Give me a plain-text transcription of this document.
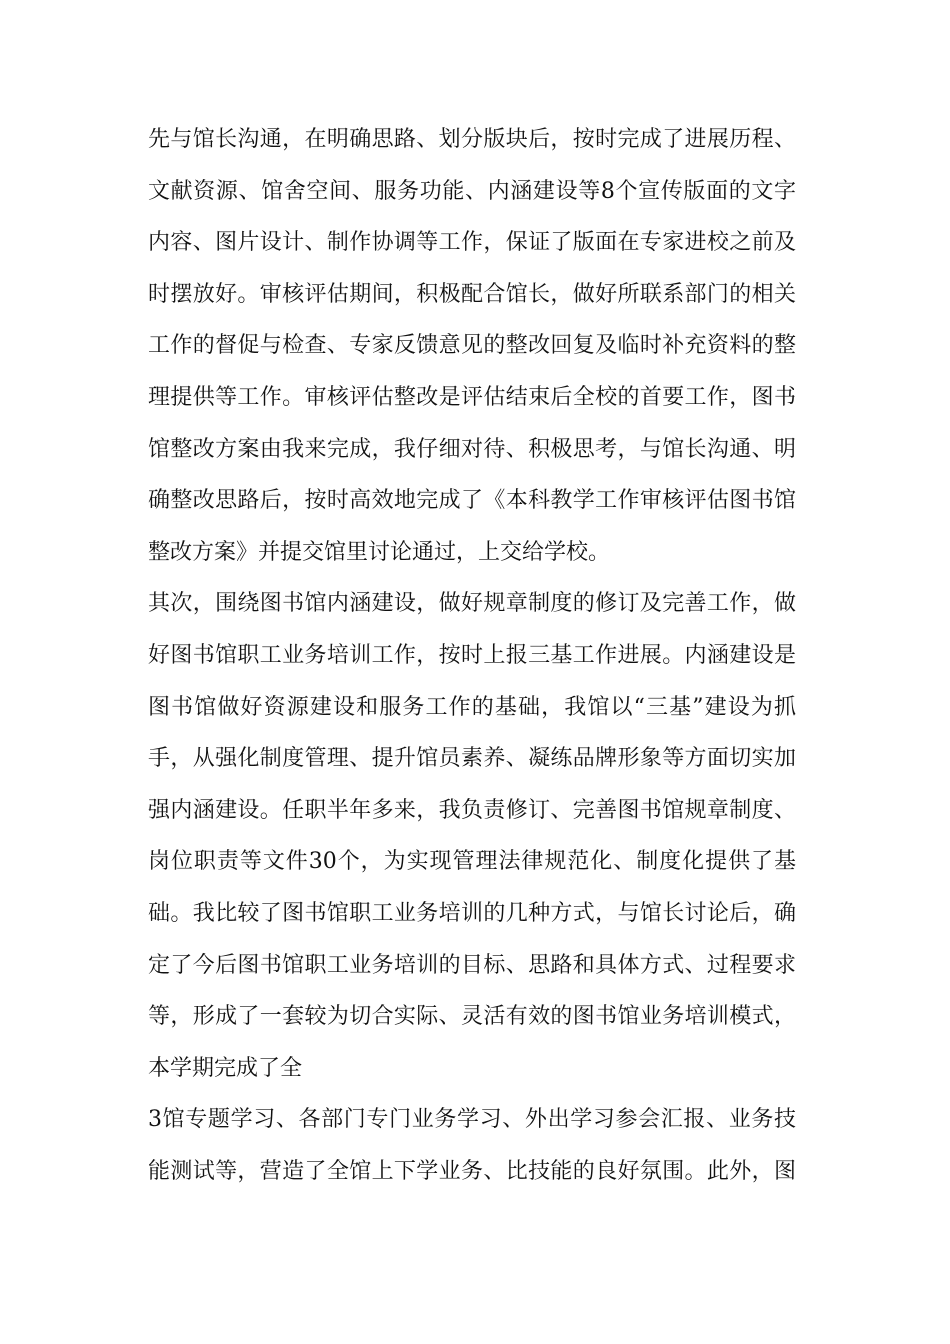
先与馆长沟通，在明确思路、划分版块后，按时完成了进展历程、
文献资源、馆舍空间、服务功能、内涵建设等8个宣传版面的文字
内容、图片设计、制作协调等工作，保证了版面在专家进校之前及
时摆放好。审核评估期间，积极配合馆长，做好所联系部门的相关
工作的督促与检查、专家反馈意见的整改回复及临时补充资料的整
理提供等工作。审核评估整改是评估结束后全校的首要工作，图书
馆整改方案由我来完成，我仔细对待、积极思考，与馆长沟通、明
确整改思路后，按时高效地完成了《本科教学工作审核评估图书馆
整改方案》并提交馆里讨论通过，上交给学校。
其次，围绕图书馆内涵建设，做好规章制度的修订及完善工作，做
好图书馆职工业务培训工作，按时上报三基工作进展。内涵建设是
图书馆做好资源建设和服务工作的基础，我馆以“三基”建设为抓
手，从强化制度管理、提升馆员素养、凝练品牌形象等方面切实加
强内涵建设。任职半年多来，我负责修订、完善图书馆规章制度、
岗位职责等文件30个，为实现管理法律规范化、制度化提供了基
础。我比较了图书馆职工业务培训的几种方式，与馆长讨论后，确
定了今后图书馆职工业务培训的目标、思路和具体方式、过程要求
等，形成了一套较为切合实际、灵活有效的图书馆业务培训模式，
本学期完成了全
3馆专题学习、各部门专门业务学习、外出学习参会汇报、业务技
能测试等，营造了全馆上下学业务、比技能的良好氛围。此外，图
